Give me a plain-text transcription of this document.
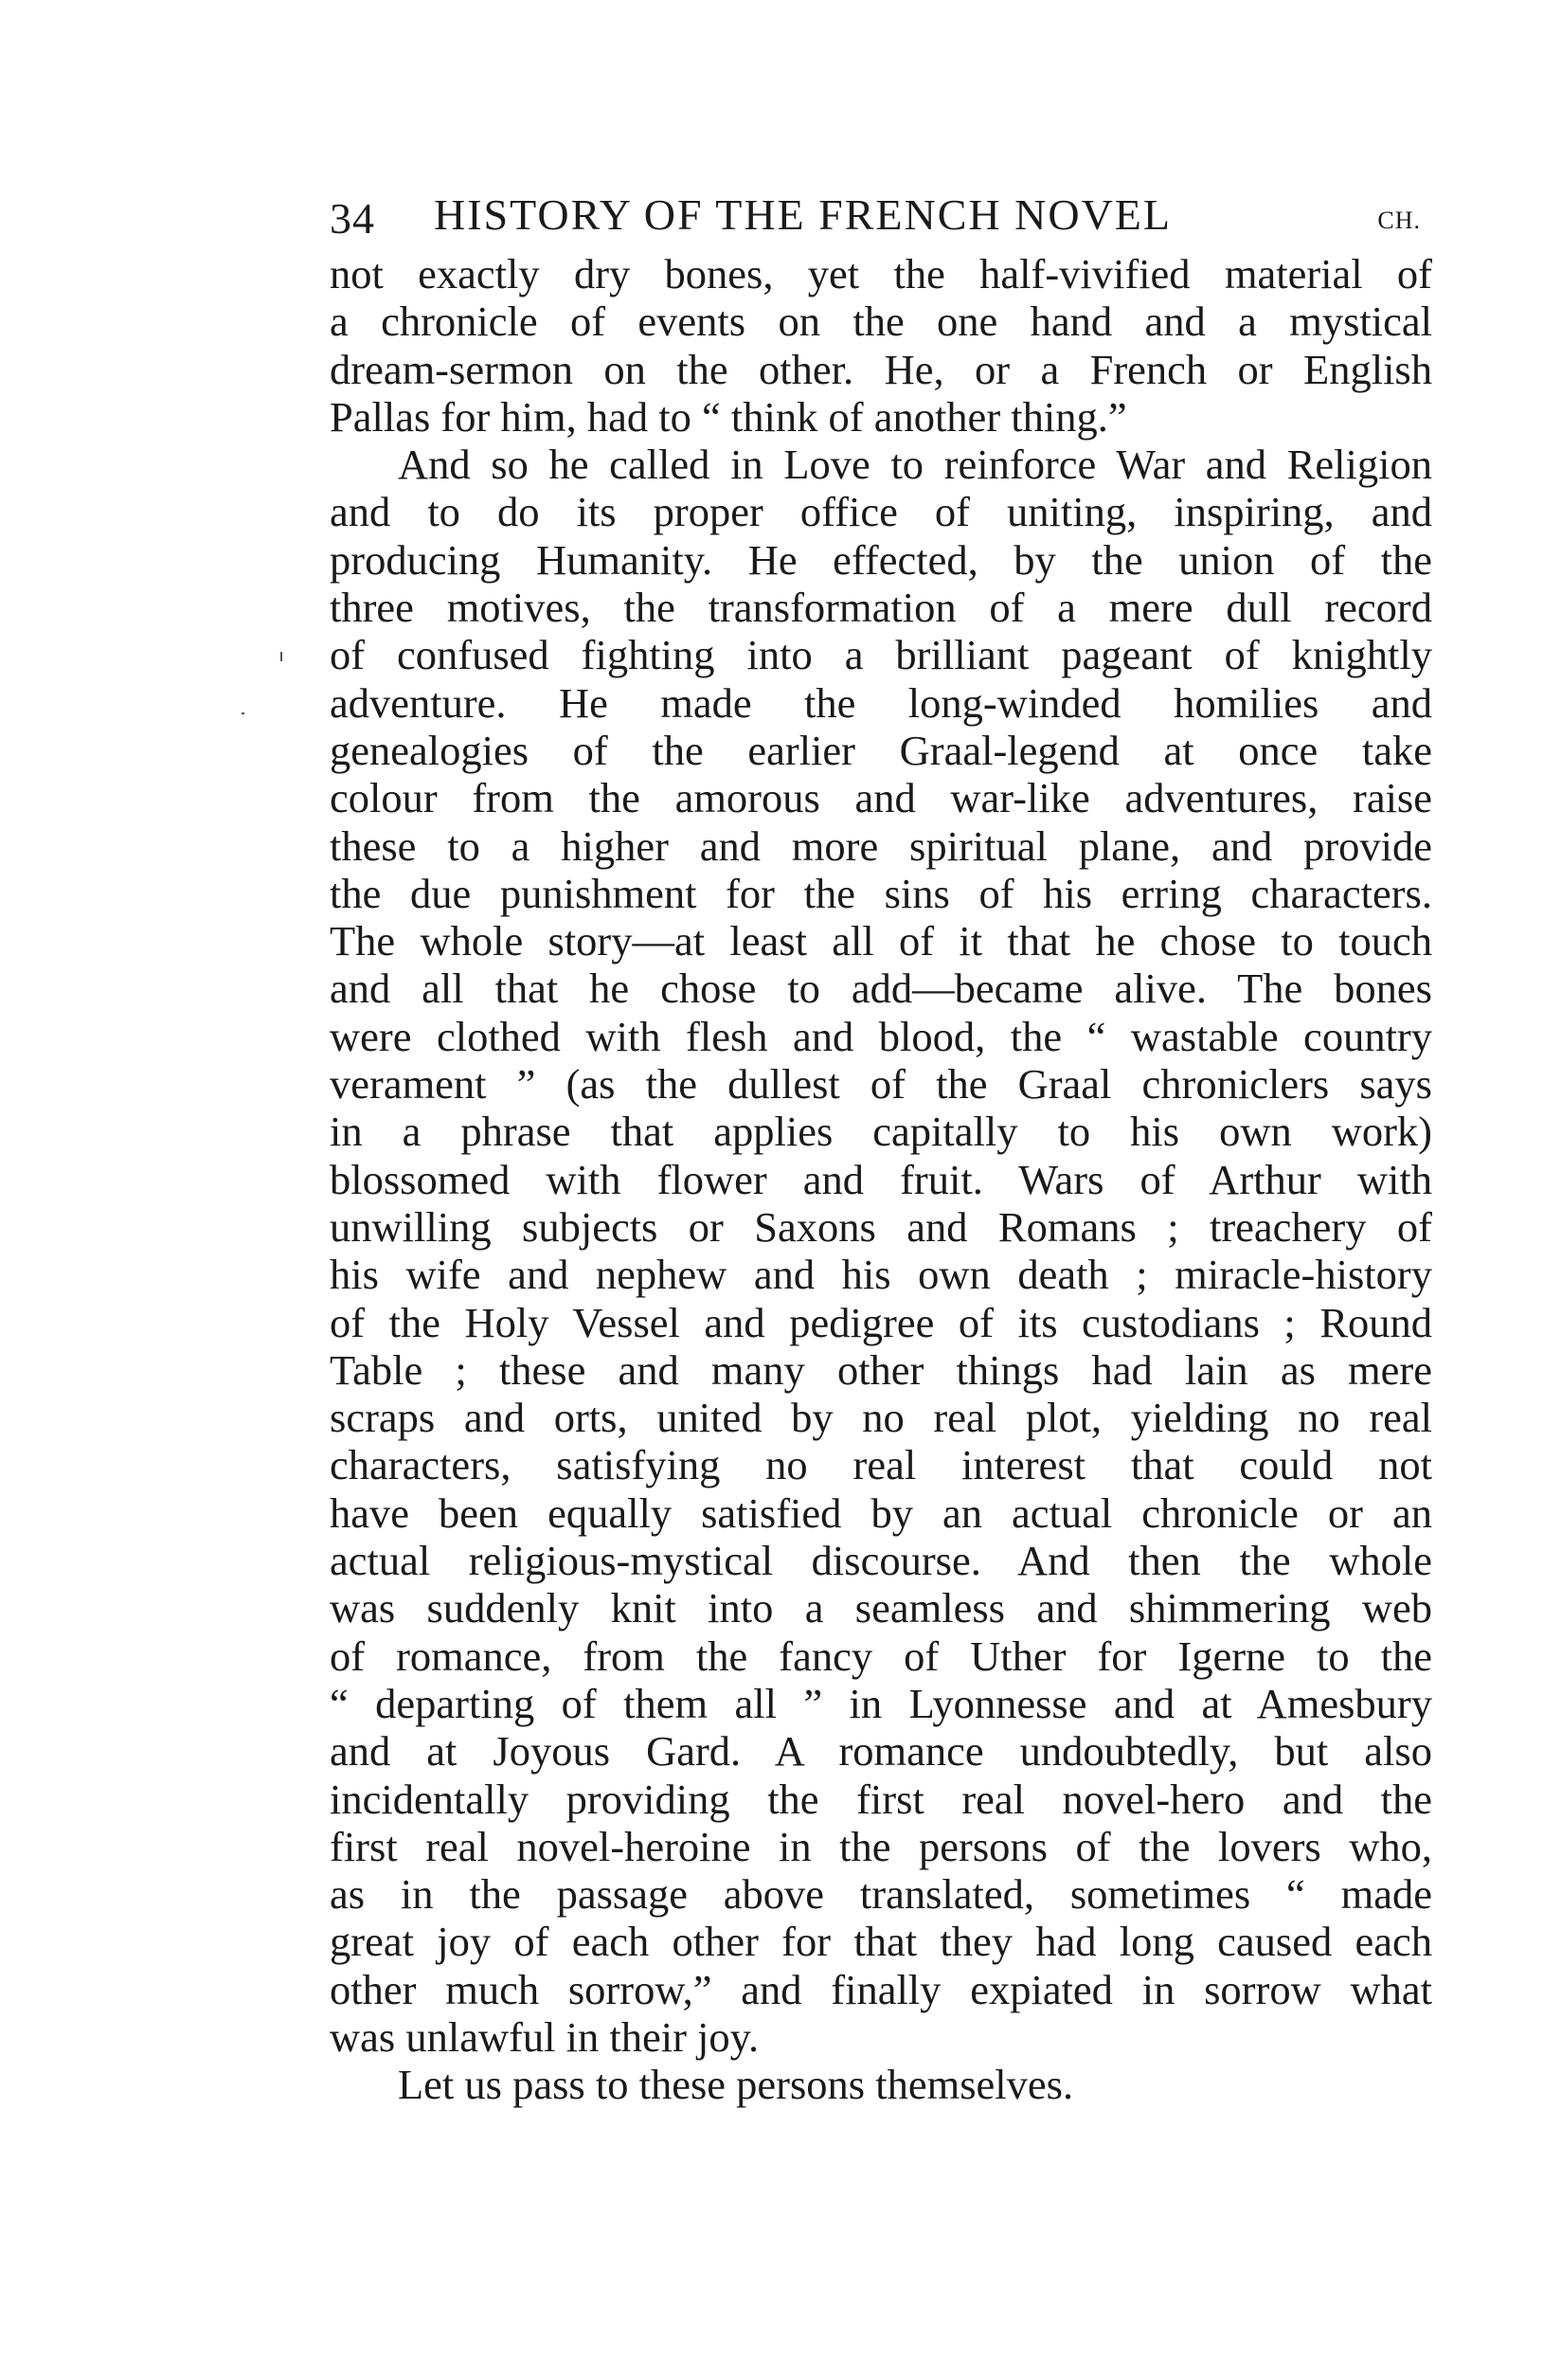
34 HISTORY OF THE FRENCH NOVEL	CH.
not exactly dry bones, yet the half-vivified material of
a chronicle of events on the one hand and a mystical
dream-sermon on the other. He, or a French or English
Pallas for him, had to “ think of another thing.”
And so he called in Love to reinforce War and Religion
and to do its proper office of uniting, inspiring, and
producing Humanity. He effected, by the union of the
three motives, the transformation of a mere dull record
of confused fighting into a brilliant pageant of knightly
adventure. He made the long-winded homilies and
genealogies of the earlier Graal-legend at once take
colour from the amorous and war-like adventures, raise
these to a higher and more spiritual plane, and provide
the due punishment for the sins of his erring characters.
The whole story—at least all of it that he chose to touch
and all that he chose to add—became alive. The bones
were clothed with flesh and blood, the “ wastable country
verament ” (as the dullest of the Graal chroniclers says
in a phrase that applies capitally to his own work)
blossomed with flower and fruit. Wars of Arthur with
unwilling subjects or Saxons and Romans ; treachery of
his wife and nephew and his own death ; miracle-history
of the Holy Vessel and pedigree of its custodians ; Round
Table ; these and many other things had lain as mere
scraps and orts, united by no real plot, yielding no real
characters, satisfying no real interest that could not
have been equally satisfied by an actual chronicle or an
actual religious-mystical discourse. And then the whole
was suddenly knit into a seamless and shimmering web
of romance, from the fancy of Uther for Igerne to the
“ departing of them all ” in Lyonnesse and at Amesbury
and at Joyous Gard. A romance undoubtedly, but also
incidentally providing the first real novel-hero and the
first real novel-heroine in the persons of the lovers who,
as in the passage above translated, sometimes “ made
great joy of each other for that they had long caused each
other much sorrow,” and finally expiated in sorrow what
was unlawful in their joy.
Let us pass to these persons themselves.
